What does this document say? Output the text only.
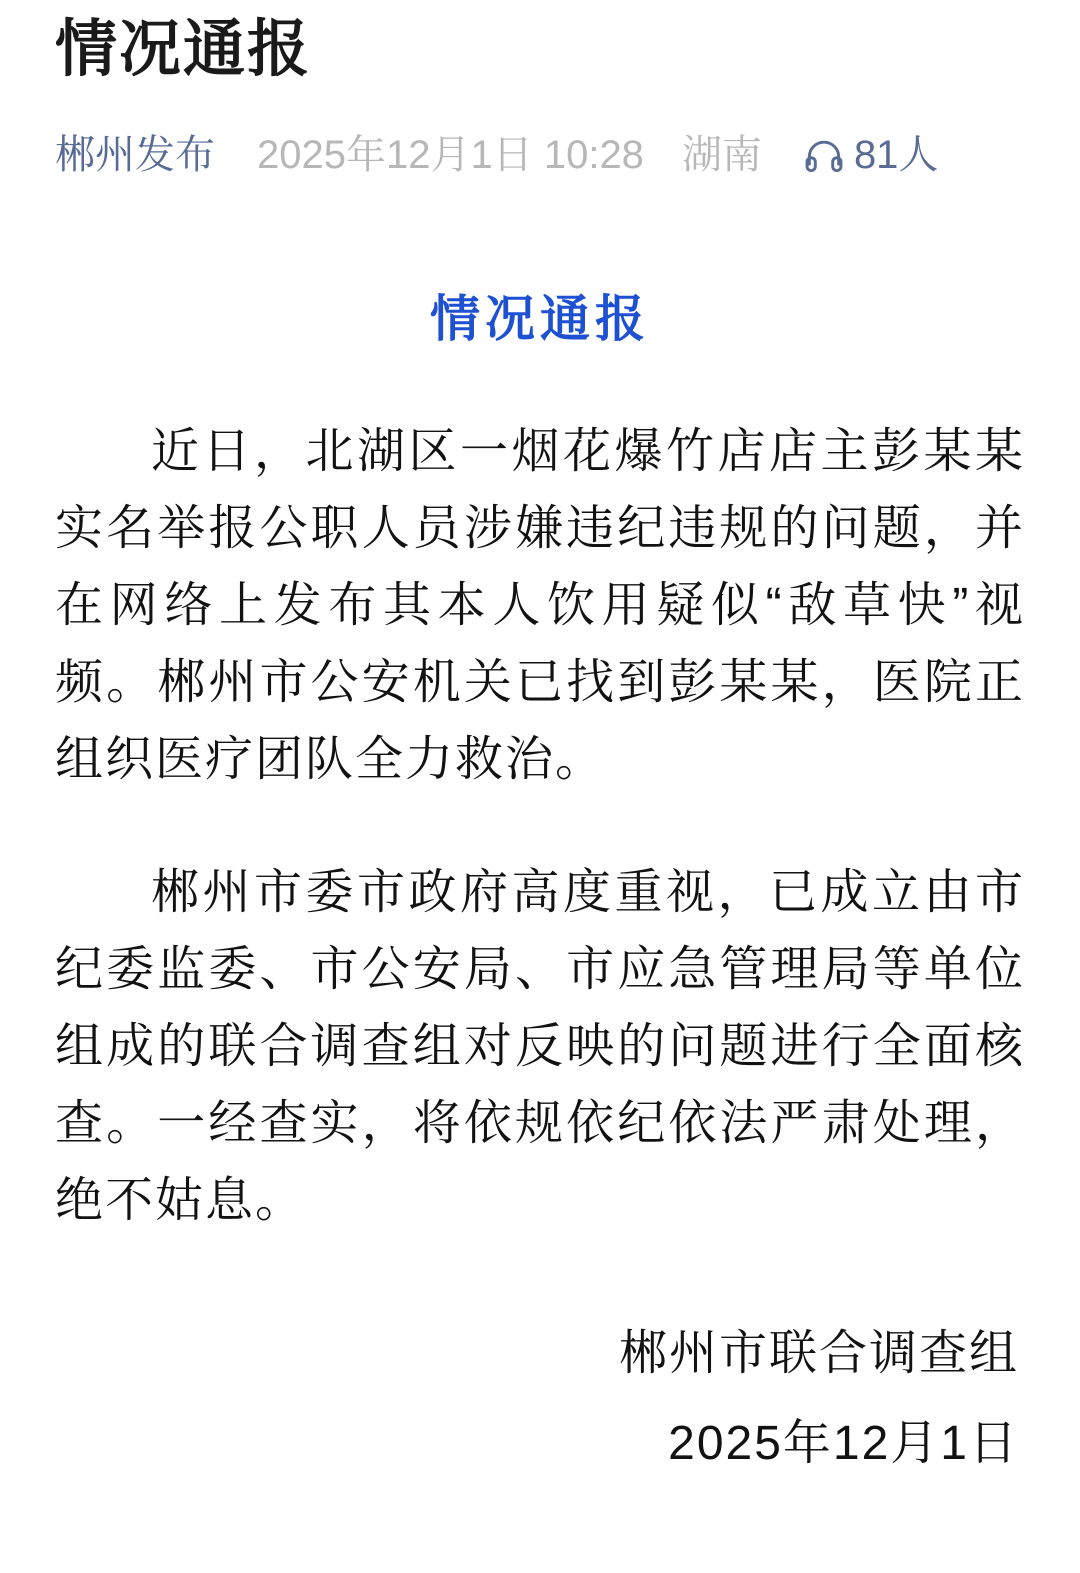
情况通报
郴州发布 2025年12月1日 10:28 湖南 81人
情况通报

近日，北湖区一烟花爆竹店店主彭某某实名举报公职人员涉嫌违纪违规的问题，并在网络上发布其本人饮用疑似“敌草快”视频。郴州市公安机关已找到彭某某，医院正组织医疗团队全力救治。

郴州市委市政府高度重视，已成立由市纪委监委、市公安局、市应急管理局等单位组成的联合调查组对反映的问题进行全面核查。一经查实，将依规依纪依法严肃处理，绝不姑息。

郴州市联合调查组
2025年12月1日
